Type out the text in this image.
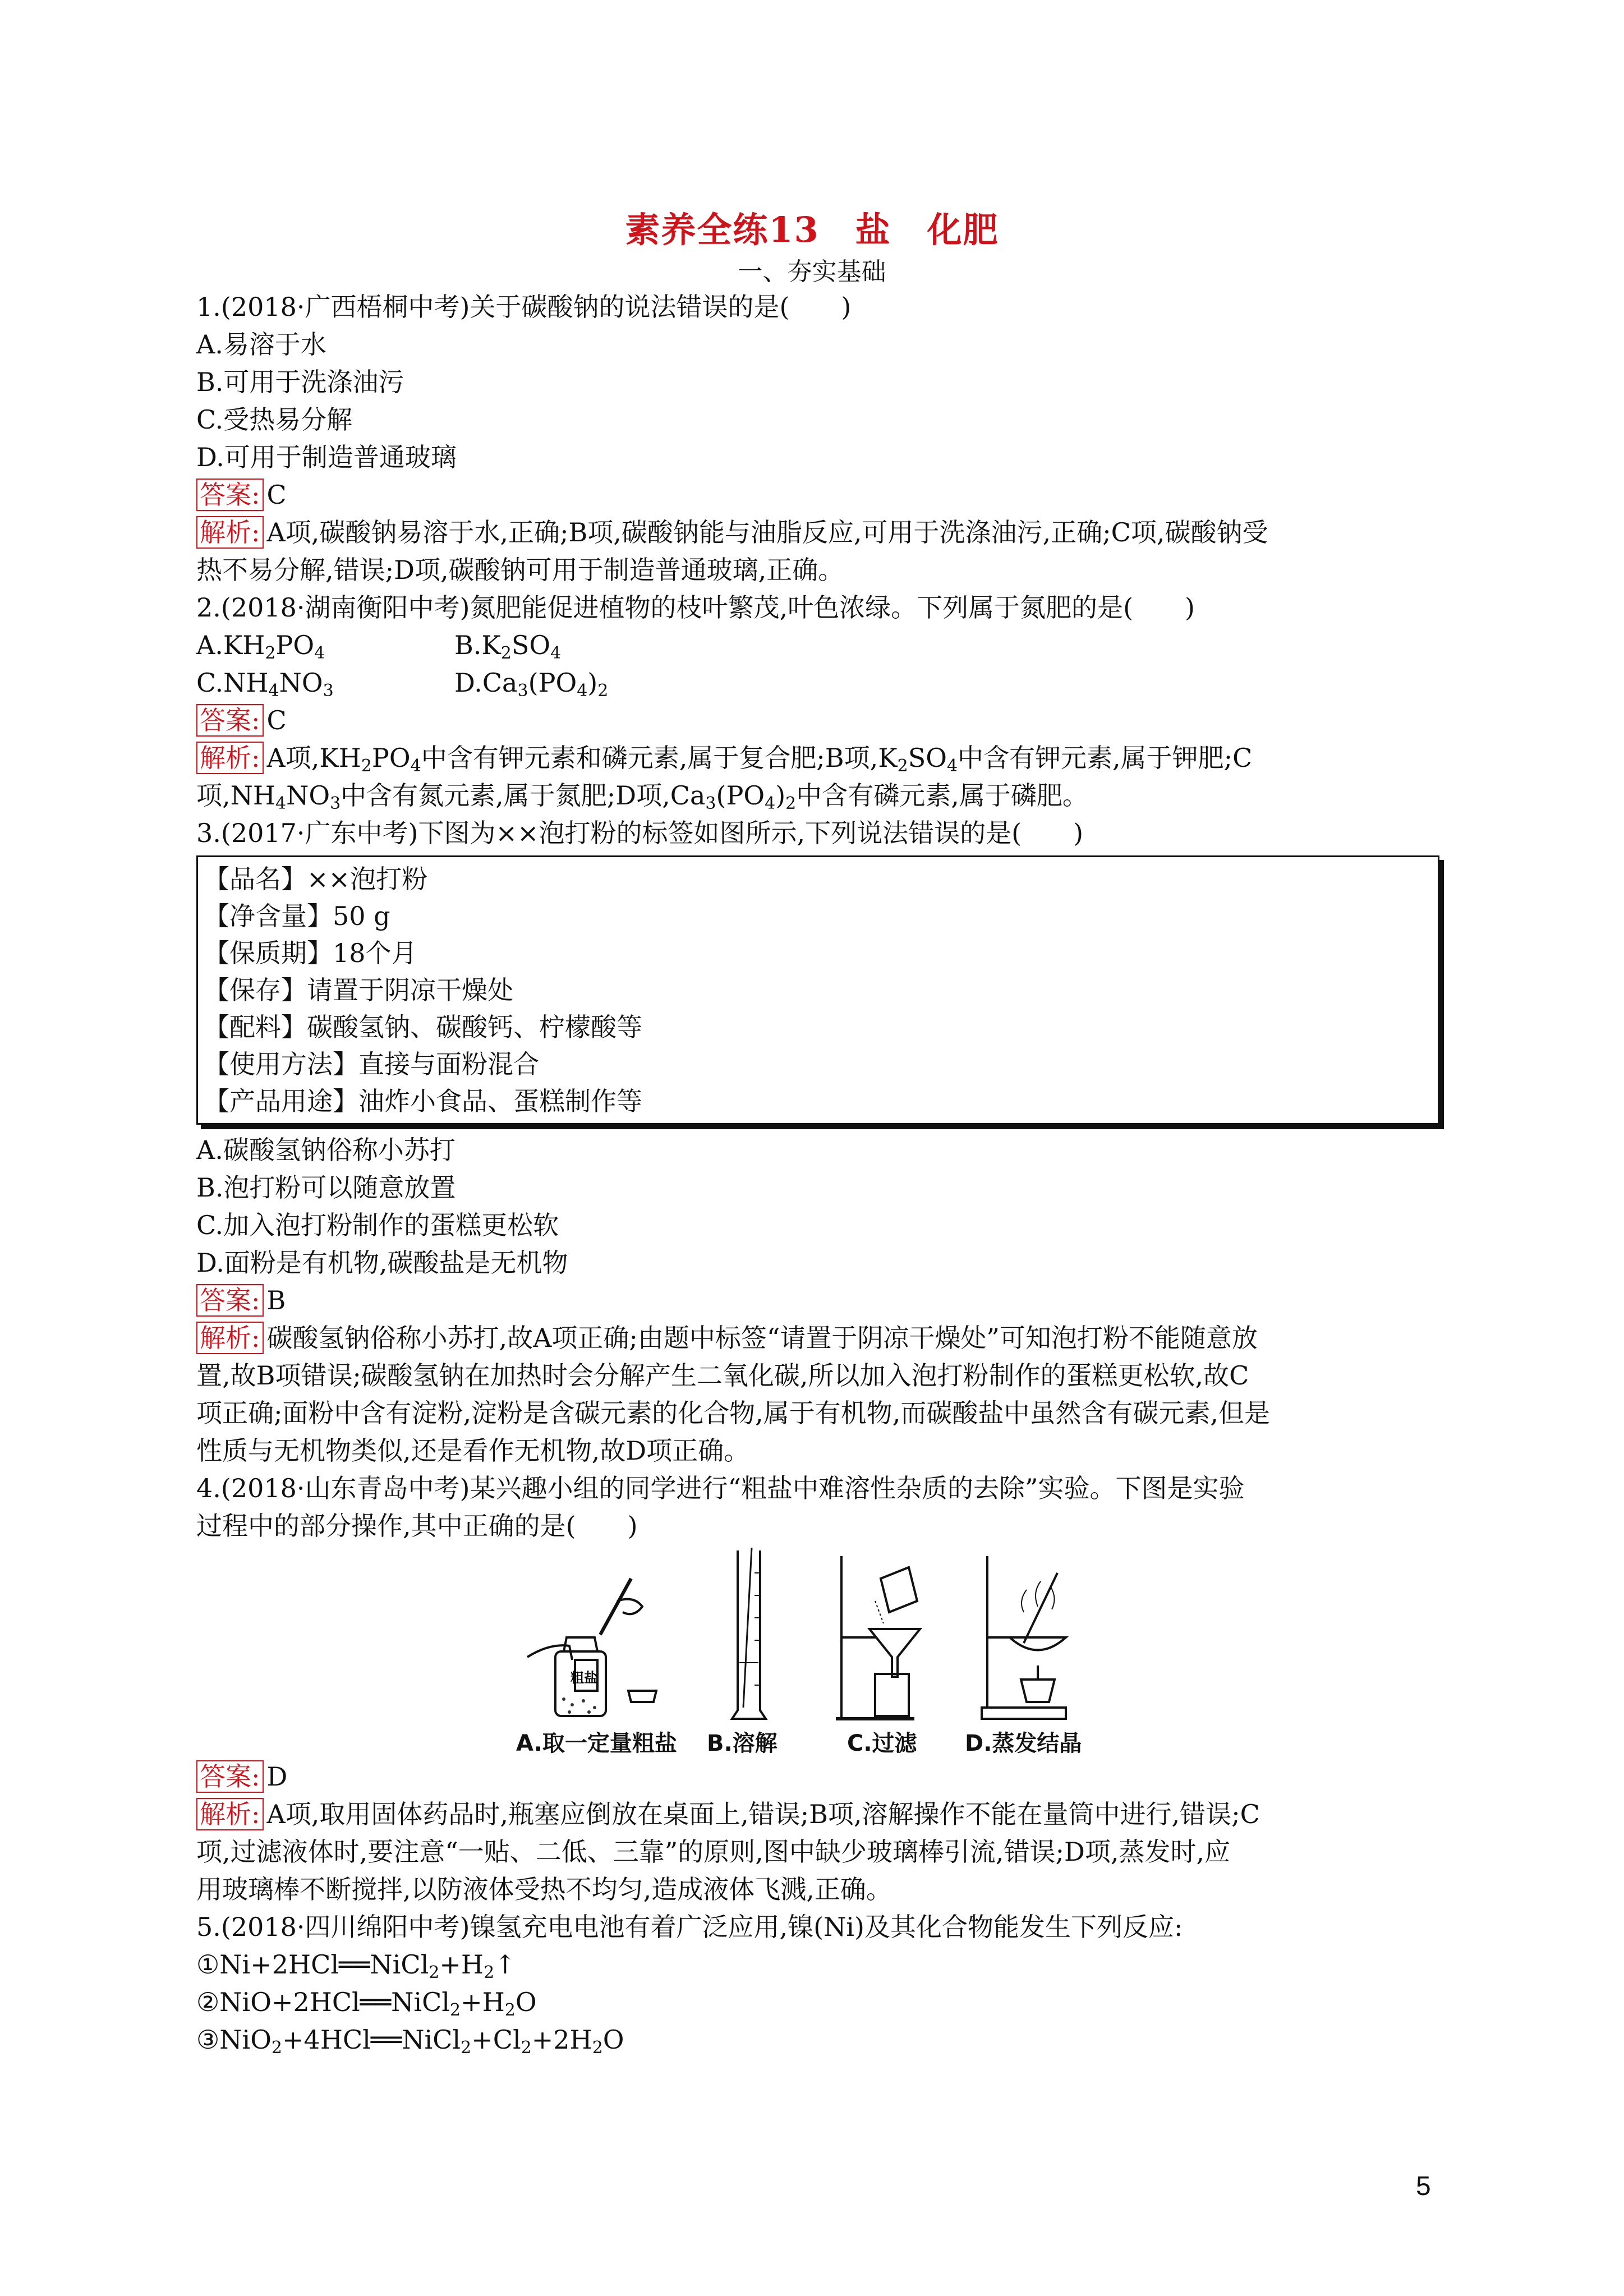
素养全练13　盐　化肥
一、夯实基础
1.(2018·广西梧桐中考)关于碳酸钠的说法错误的是(　　)
A.易溶于水
B.可用于洗涤油污
C.受热易分解
D.可用于制造普通玻璃
答案: C
解析: A项,碳酸钠易溶于水,正确;B项,碳酸钠能与油脂反应,可用于洗涤油污,正确;C项,碳酸钠受
热不易分解,错误;D项,碳酸钠可用于制造普通玻璃,正确。
2.(2018·湖南衡阳中考)氮肥能促进植物的枝叶繁茂,叶色浓绿。下列属于氮肥的是(　　)
$A.KH_2PO_4$	$B.K_2SO_4$
$C.NH_4NO_3$	$D.Ca_3(PO_4)_2$
答案: C
解析: A项$,KH_2PO_4$中含有钾元素和磷元素,属于复合肥;B项$,K_2SO_4$中含有钾元素,属于钾肥;C
项$,NH_4NO_3$中含有氮元素,属于氮肥;D项$,Ca_3(PO_4)_2$中含有磷元素,属于磷肥。
3.(2017·广东中考)下图为××泡打粉的标签如图所示,下列说法错误的是(　　)
【品名】××泡打粉
【净含量】50 g
【保质期】18个月
【保存】请置于阴凉干燥处
【配料】碳酸氢钠、碳酸钙、柠檬酸等
【使用方法】直接与面粉混合
【产品用途】油炸小食品、蛋糕制作等
A.碳酸氢钠俗称小苏打
B.泡打粉可以随意放置
C.加入泡打粉制作的蛋糕更松软
D.面粉是有机物,碳酸盐是无机物
答案: B
解析: 碳酸氢钠俗称小苏打,故A项正确;由题中标签“请置于阴凉干燥处”可知泡打粉不能随意放
置,故B项错误;碳酸氢钠在加热时会分解产生二氧化碳,所以加入泡打粉制作的蛋糕更松软,故C
项正确;面粉中含有淀粉,淀粉是含碳元素的化合物,属于有机物,而碳酸盐中虽然含有碳元素,但是
性质与无机物类似,还是看作无机物,故D项正确。
4.(2018·山东青岛中考)某兴趣小组的同学进行“粗盐中难溶性杂质的去除”实验。下图是实验
过程中的部分操作,其中正确的是(　　)
粗盐
A.取一定量粗盐 B.溶解	C.过滤 D.蒸发结晶
答案: D
解析: A项,取用固体药品时,瓶塞应倒放在桌面上,错误;B项,溶解操作不能在量筒中进行,错误;C
项,过滤液体时,要注意“一贴、二低、三靠”的原则,图中缺少玻璃棒引流,错误;D项,蒸发时,应
用玻璃棒不断搅拌,以防液体受热不均匀,造成液体飞溅,正确。
5.(2018·四川绵阳中考)镍氢充电电池有着广泛应用,镍(Ni)及其化合物能发生下列反应:
$①Ni+2HCl══NiCl_2+H_2↑$
$②NiO+2HCl══NiCl_2+H_2O$
$③NiO_2+4HCl══NiCl_2+Cl_2+2H_2O$
5
